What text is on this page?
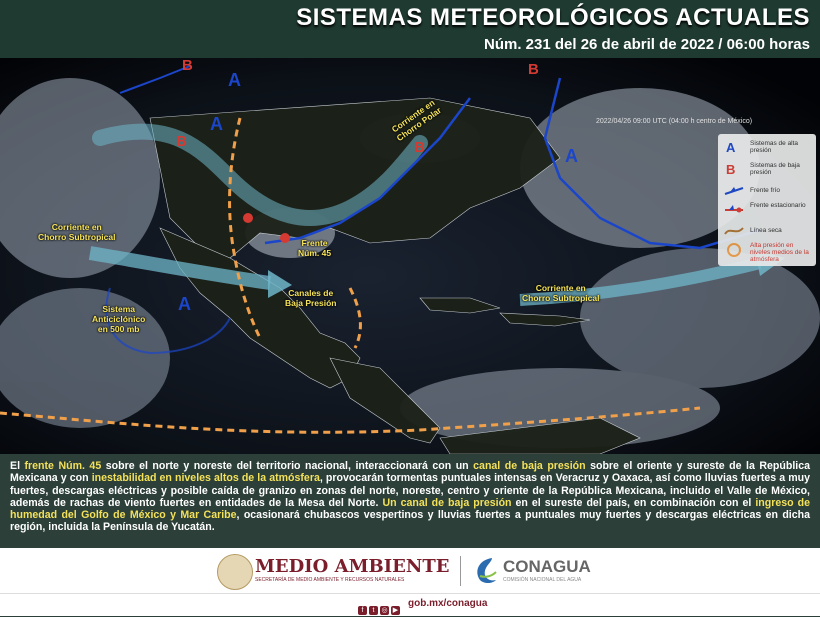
SISTEMAS METEOROLÓGICOS ACTUALES
Núm. 231 del 26 de abril de 2022 / 06:00 horas
A
A
A
A
B
B	B
B
2022/04/26 09:00 UTC (04:00 h centro de México)
Corriente en
Chorro Polar
Corriente en
Chorro Subtropical
Corriente en
Chorro Subtropical
Frente
Núm. 45
Canales de
Baja Presión
Sistema
Anticiclónico
en 500 mb
A Sistemas de alta presión
B Sistemas de baja presión
Frente frío
Frente estacionario
Línea seca
Alta presión en niveles medios de la atmósfera
El frente Núm. 45 sobre el norte y noreste del territorio nacional, interaccionará con un canal de baja presión sobre el oriente y sureste de la República Mexicana y con inestabilidad en niveles altos de la atmósfera, provocarán tormentas puntuales intensas en Veracruz y Oaxaca, así como lluvias fuertes a muy fuertes, descargas eléctricas y posible caída de granizo en zonas del norte, noreste, centro y oriente de la República Mexicana, incluido el Valle de México, además de rachas de viento fuertes en entidades de la Mesa del Norte. Un canal de baja presión en el sureste del país, en combinación con el ingreso de humedad del Golfo de México y Mar Caribe, ocasionará chubascos vespertinos y lluvias fuertes a puntuales muy fuertes y descargas eléctricas en dicha región, incluida la Península de Yucatán.
MEDIO AMBIENTE
SECRETARÍA DE MEDIO AMBIENTE Y RECURSOS NATURALES
CONAGUA
COMISIÓN NACIONAL DEL AGUA
f t ◎ ▶
gob.mx/conagua
